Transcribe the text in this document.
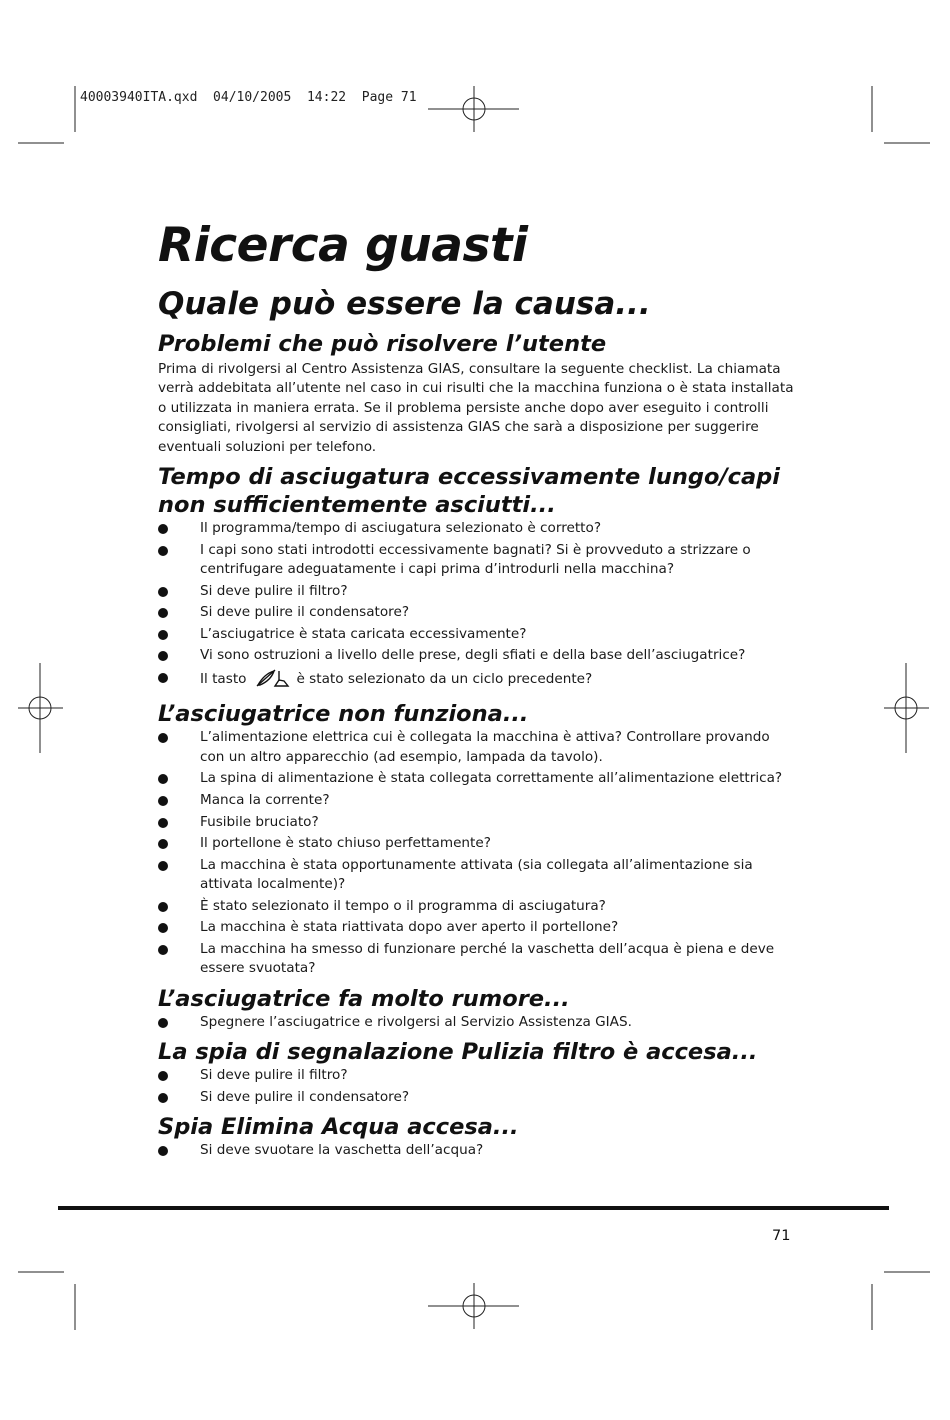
40003940ITA.qxd  04/10/2005  14:22  Page 71
Ricerca guasti
Quale può essere la causa...
Problemi che può risolvere l’utente

Prima di rivolgersi al Centro Assistenza GIAS, consultare la seguente checklist. La chiamata verrà addebitata all’utente nel caso in cui risulti che la macchina funziona o è stata installata o utilizzata in maniera errata. Se il problema persiste anche dopo aver eseguito i controlli consigliati, rivolgersi al servizio di assistenza GIAS che sarà a disposizione per suggerire eventuali soluzioni per telefono.

Tempo di asciugatura eccessivamente lungo/capi non sufficientemente asciutti...
Il programma/tempo di asciugatura selezionato è corretto?
I capi sono stati introdotti eccessivamente bagnati? Si è provveduto a strizzare o centrifugare adeguatamente i capi prima d’introdurli nella macchina?
Si deve pulire il filtro?
Si deve pulire il condensatore?
L’asciugatrice è stata caricata eccessivamente?
Vi sono ostruzioni a livello delle prese, degli sfiati e della base dell’asciugatrice?
Il tasto	è stato selezionato da un ciclo precedente?
L’asciugatrice non funziona...
L’alimentazione elettrica cui è collegata la macchina è attiva? Controllare provando con un altro apparecchio (ad esempio, lampada da tavolo).
La spina di alimentazione è stata collegata correttamente all’alimentazione elettrica?
Manca la corrente?
Fusibile bruciato?
Il portellone è stato chiuso perfettamente?
La macchina è stata opportunamente attivata (sia collegata all’alimentazione sia attivata localmente)?
È stato selezionato il tempo o il programma di asciugatura?
La macchina è stata riattivata dopo aver aperto il portellone?
La macchina ha smesso di funzionare perché la vaschetta dell’acqua è piena e deve essere svuotata?
L’asciugatrice fa molto rumore...
Spegnere l’asciugatrice e rivolgersi al Servizio Assistenza GIAS.
La spia di segnalazione Pulizia filtro è accesa...
Si deve pulire il filtro?
Si deve pulire il condensatore?
Spia Elimina Acqua accesa...
Si deve svuotare la vaschetta dell’acqua?
71
